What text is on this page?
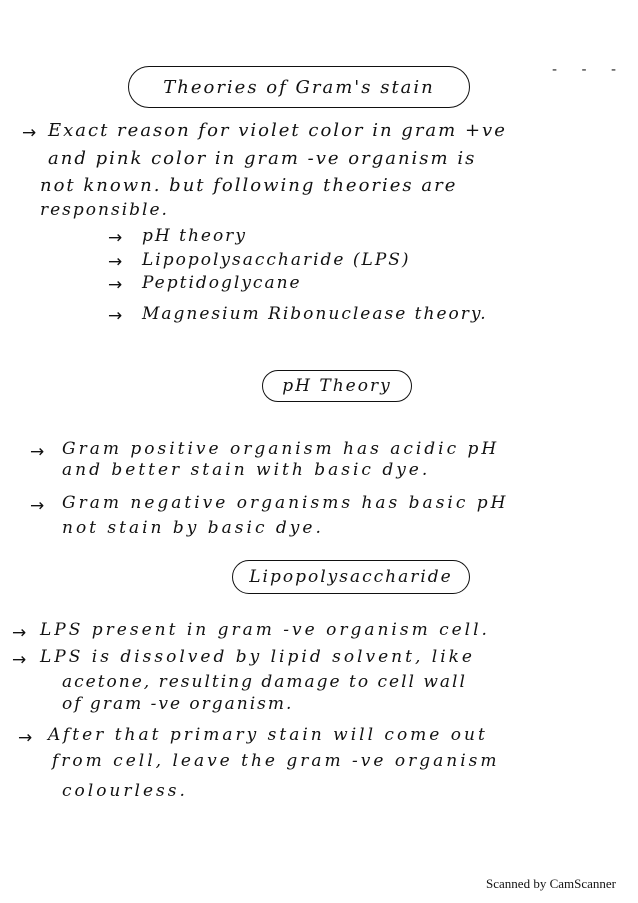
- - -
Theories of Gram's stain
→ Exact reason for violet color in gram +ve
and pink color in gram -ve organism is
not known. but following theories are
responsible.
→ pH theory
→ Lipopolysaccharide (LPS)
→ Peptidoglycane
→ Magnesium Ribonuclease theory.
pH Theory
→ Gram positive organism has acidic pH
and better stain with basic dye.
→ Gram negative organisms has basic pH
not stain by basic dye.
Lipopolysaccharide
→ LPS present in gram -ve organism cell.
→ LPS is dissolved by lipid solvent, like
acetone, resulting damage to cell wall
of gram -ve organism.
→ After that primary stain will come out
from cell, leave the gram -ve organism
colourless.
Scanned by CamScanner
